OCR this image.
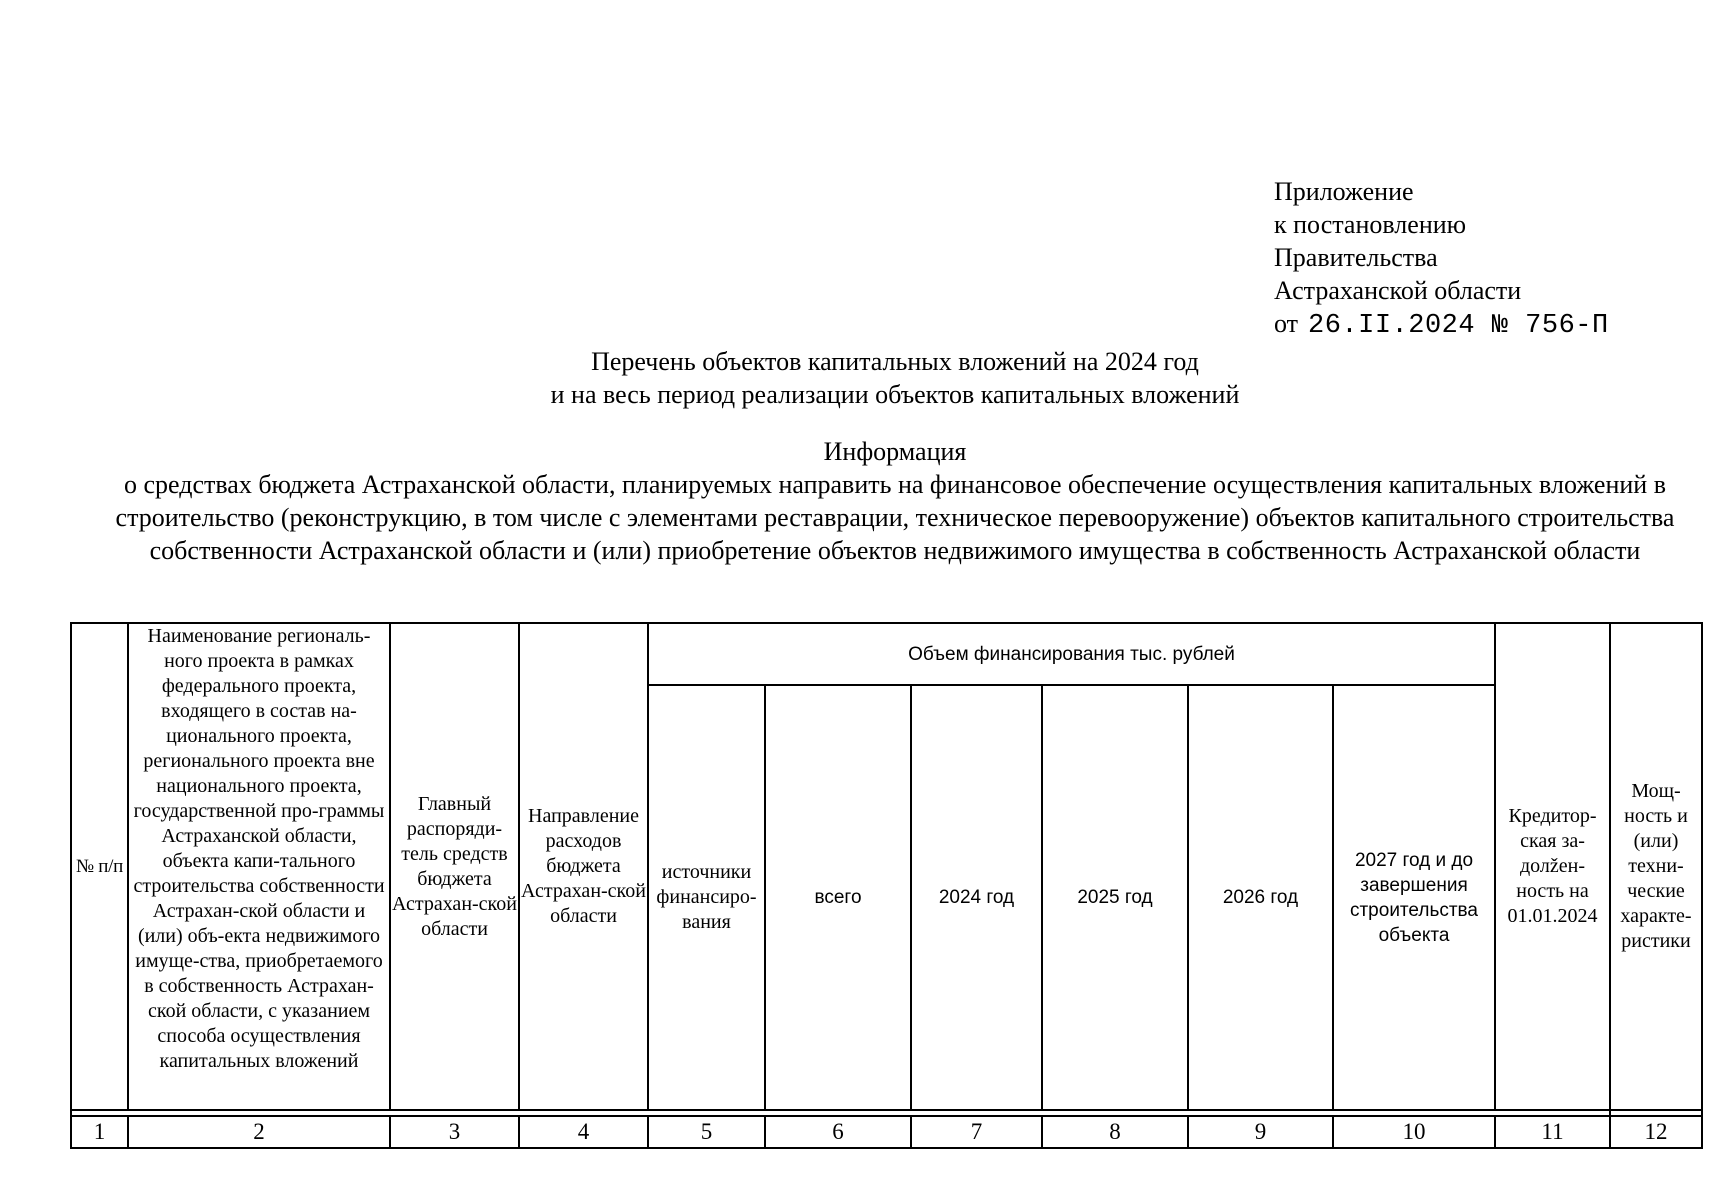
Приложение
к постановлению
Правительства
Астраханской области
от 26.II.2024 № 756-П
Перечень объектов капитальных вложений на 2024 год
и на весь период реализации объектов капитальных вложений
Информация
о средствах бюджета Астраханской области, планируемых направить на финансовое обеспечение осуществления капитальных вложений в строительство (реконструкцию, в том числе с элементами реставрации, техническое перевооружение) объектов капитального строительства собственности Астраханской области и (или) приобретение объектов недвижимого имущества в собственность Астраханской области
№ п/п	Наименование региональ-ного проекта в рамках федерального проекта, входящего в состав на-ционального проекта, регионального проекта вне национального проекта, государственной про-граммы Астраханской области, объекта капи-тального строительства собственности Астрахан-ской области и (или) объ-екта недвижимого имуще-ства, приобретаемого в собственность Астрахан-ской области, с указанием способа осуществления капитальных вложений	Главный распоряди-тель средств бюджета Астрахан-ской области	Направление расходов бюджета Астрахан-ской области	Объем финансирования тыс. рублей						Кредитор-ская за-долžен-ность на 01.01.2024	Мощ-ность и (или) техни-ческие характе-ристики
				источники финансиро-вания	всего	2024 год	2025 год	2026 год	2027 год и до завершения строительства объекта		

1	2	3	4	5	6	7	8	9	10	11	12
